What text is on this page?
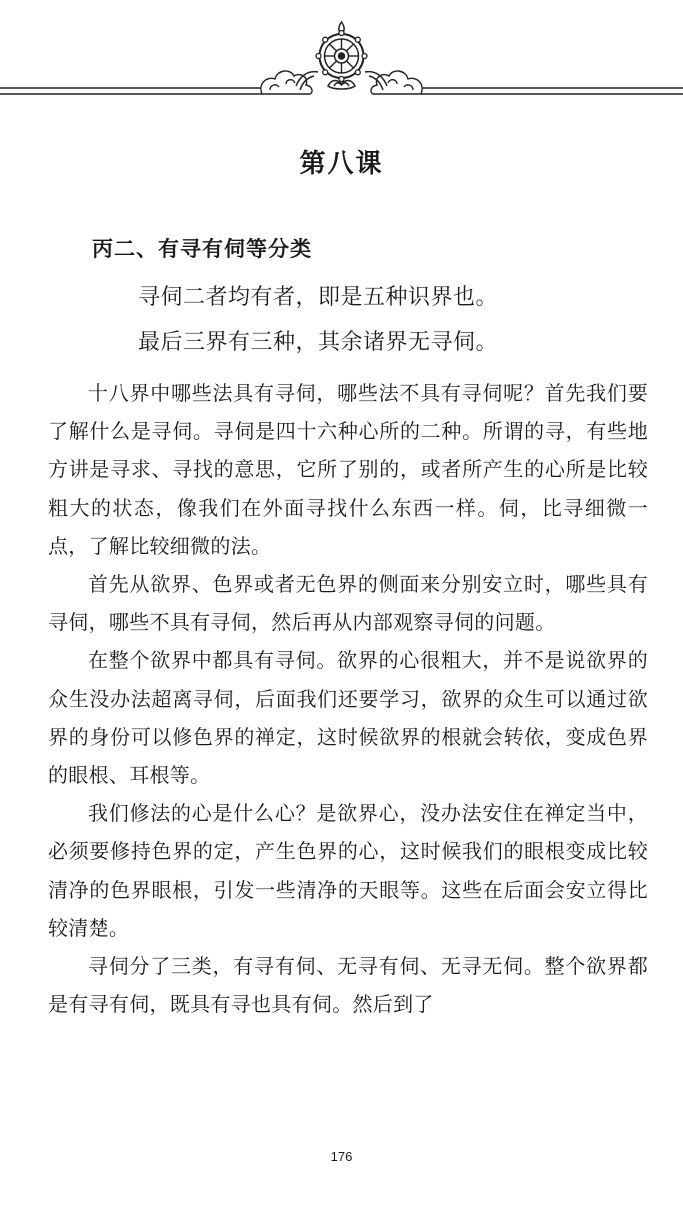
第八课
丙二、有寻有伺等分类

寻伺二者均有者，即是五种识界也。

最后三界有三种，其余诸界无寻伺。

十八界中哪些法具有寻伺，哪些法不具有寻伺呢？首先我们要了解什么是寻伺。寻伺是四十六种心所的二种。所谓的寻，有些地方讲是寻求、寻找的意思，它所了别的，或者所产生的心所是比较粗大的状态，像我们在外面寻找什么东西一样。伺，比寻细微一点，了解比较细微的法。

首先从欲界、色界或者无色界的侧面来分别安立时，哪些具有寻伺，哪些不具有寻伺，然后再从内部观察寻伺的问题。

在整个欲界中都具有寻伺。欲界的心很粗大，并不是说欲界的众生没办法超离寻伺，后面我们还要学习，欲界的众生可以通过欲界的身份可以修色界的禅定，这时候欲界的根就会转依，变成色界的眼根、耳根等。

我们修法的心是什么心？是欲界心，没办法安住在禅定当中，必须要修持色界的定，产生色界的心，这时候我们的眼根变成比较清净的色界眼根，引发一些清净的天眼等。这些在后面会安立得比较清楚。

寻伺分了三类，有寻有伺、无寻有伺、无寻无伺。整个欲界都是有寻有伺，既具有寻也具有伺。然后到了

176
